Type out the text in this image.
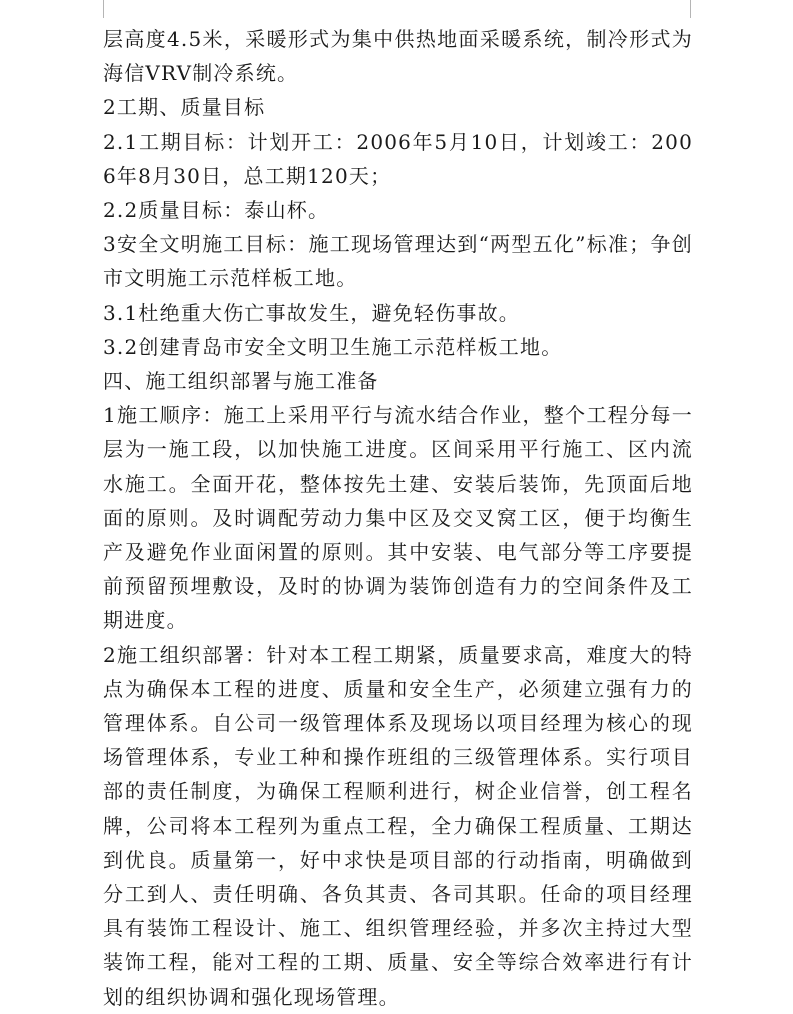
层高度4.5米，采暖形式为集中供热地面采暖系统，制冷形式为海信VRV制冷系统。

2工期、质量目标

2.1工期目标：计划开工：2006年5月10日，计划竣工：2006年8月30日，总工期120天；

2.2质量目标：泰山杯。

3安全文明施工目标：施工现场管理达到“两型五化”标准；争创市文明施工示范样板工地。

3.1杜绝重大伤亡事故发生，避免轻伤事故。

3.2创建青岛市安全文明卫生施工示范样板工地。

四、施工组织部署与施工准备

1施工顺序：施工上采用平行与流水结合作业，整个工程分每一层为一施工段，以加快施工进度。区间采用平行施工、区内流水施工。全面开花，整体按先土建、安装后装饰，先顶面后地面的原则。及时调配劳动力集中区及交叉窝工区，便于均衡生产及避免作业面闲置的原则。其中安装、电气部分等工序要提前预留预埋敷设，及时的协调为装饰创造有力的空间条件及工期进度。

2施工组织部署：针对本工程工期紧，质量要求高，难度大的特点为确保本工程的进度、质量和安全生产，必须建立强有力的管理体系。自公司一级管理体系及现场以项目经理为核心的现场管理体系，专业工种和操作班组的三级管理体系。实行项目部的责任制度，为确保工程顺利进行，树企业信誉，创工程名牌，公司将本工程列为重点工程，全力确保工程质量、工期达到优良。质量第一，好中求快是项目部的行动指南，明确做到分工到人、责任明确、各负其责、各司其职。任命的项目经理具有装饰工程设计、施工、组织管理经验，并多次主持过大型装饰工程，能对工程的工期、质量、安全等综合效率进行有计划的组织协调和强化现场管理。
